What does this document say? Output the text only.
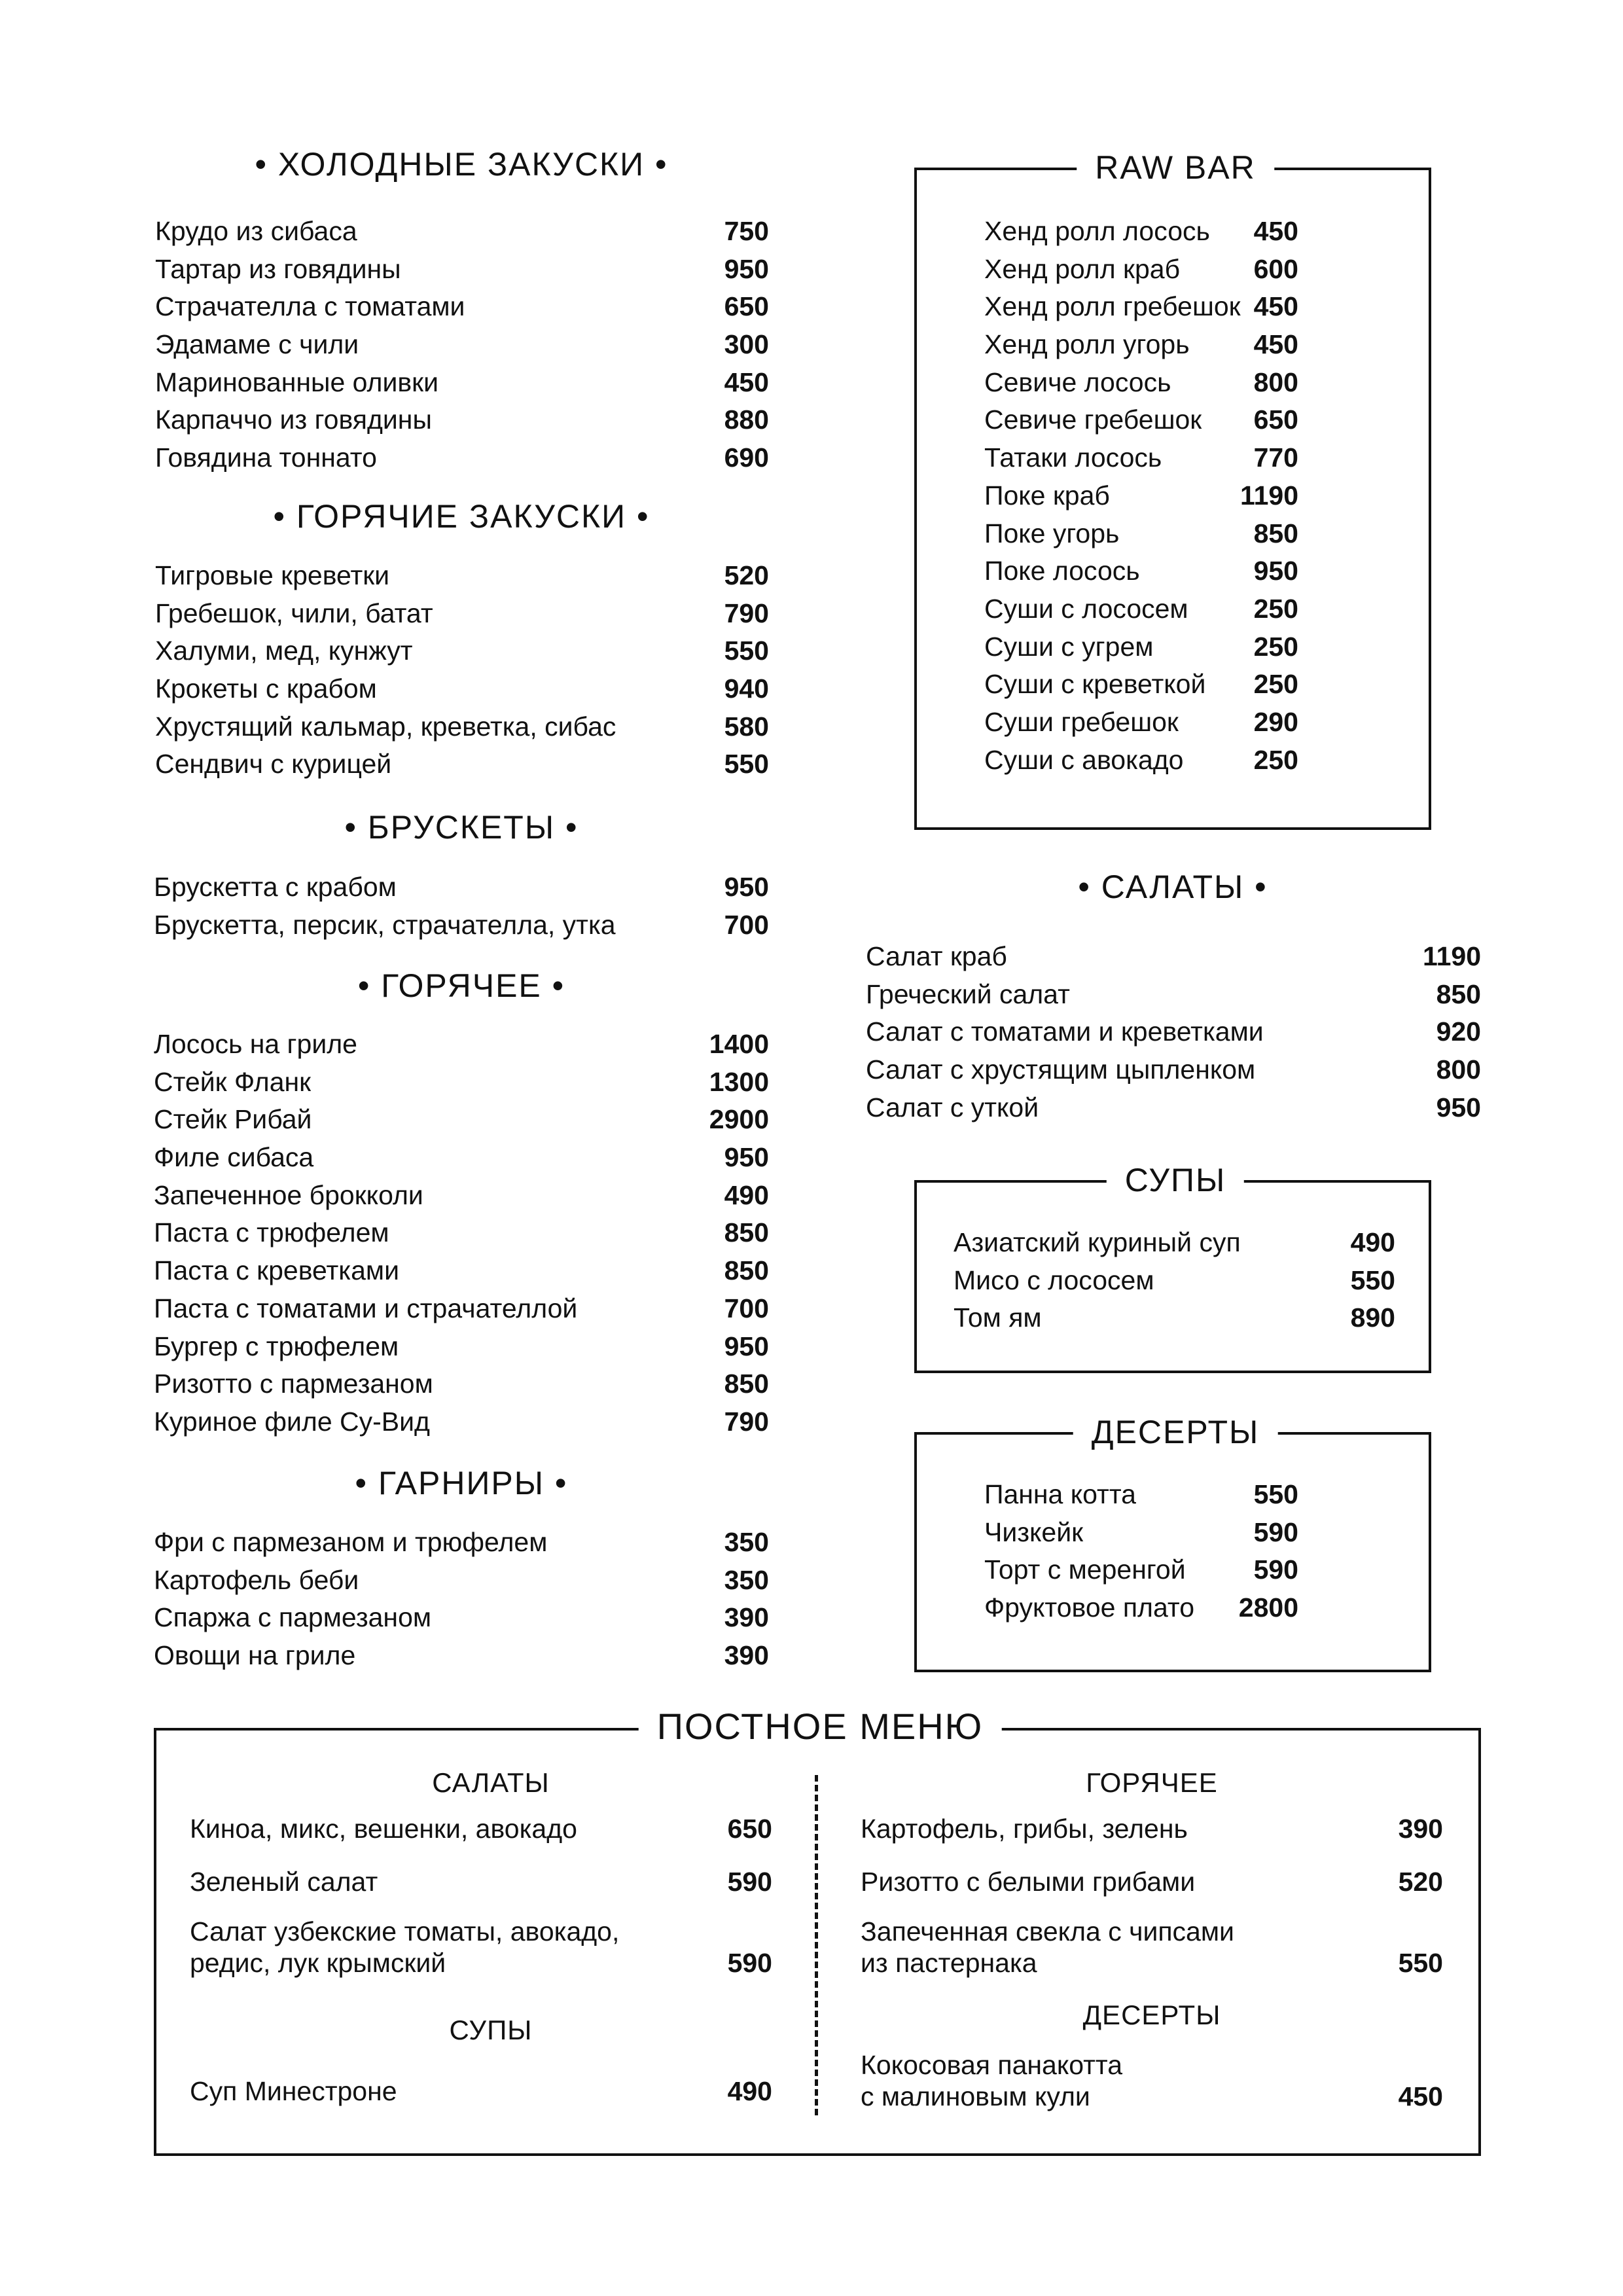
• ХОЛОДНЫЕ ЗАКУСКИ •
Крудо из сибаса	750
Тартар из говядины	950
Страчателла с томатами	650
Эдамаме с чили	300
Маринованные оливки	450
Карпаччо из говядины	880
Говядина тоннато	690
• ГОРЯЧИЕ ЗАКУСКИ •
Тигровые креветки	520
Гребешок, чили, батат	790
Халуми, мед, кунжут	550
Крокеты с крабом	940
Хрустящий кальмар, креветка, сибас	580
Сендвич с курицей	550
• БРУСКЕТЫ •
Брускетта с крабом	950
Брускетта, персик, страчателла, утка	700
• ГОРЯЧЕЕ •
Лосось на гриле	1400
Стейк Фланк	1300
Стейк Рибай	2900
Филе сибаса	950
Запеченное брокколи	490
Паста с трюфелем	850
Паста с креветками	850
Паста с томатами и страчателлой	700
Бургер с трюфелем	950
Ризотто с пармезаном	850
Куриное филе Су-Вид	790
• ГАРНИРЫ •
Фри с пармезаном и трюфелем	350
Картофель беби	350
Спаржа с пармезаном	390
Овощи на гриле	390
RAW BAR
Хенд ролл лосось 450
Хенд ролл краб	600
Хенд ролл гребешок 450
Хенд ролл угорь 450
Севиче лосось	800
Севиче гребешок 650
Татаки лосось	770
Поке краб	1190
Поке угорь	850
Поке лосось	950
Суши с лососем 250
Суши с угрем	250
Суши с креветкой 250
Суши гребешок	290
Суши с авокадо	250
• САЛАТЫ •
Салат краб	1190
Греческий салат	850
Салат с томатами и креветками	920
Салат с хрустящим цыпленком	800
Салат с уткой	950
СУПЫ
Азиатский куриный суп	490
Мисо с лососем	550
Том ям	890
ДЕСЕРТЫ
Панна котта	550
Чизкейк	590
Торт с меренгой	590
Фруктовое плато 2800
ПОСТНОЕ МЕНЮ
САЛАТЫ	ГОРЯЧЕЕ
Киноа, микс, вешенки, авокадо	650
Зеленый салат	590
Салат узбекские томаты, авокадо,
редис, лук крымский	590
СУПЫ
Суп Минестроне	490
Картофель, грибы, зелень	390
Ризотто с белыми грибами	520
Запеченная свекла с чипсами
из пастернака	550
ДЕСЕРТЫ
Кокосовая панакотта
с малиновым кули	450
